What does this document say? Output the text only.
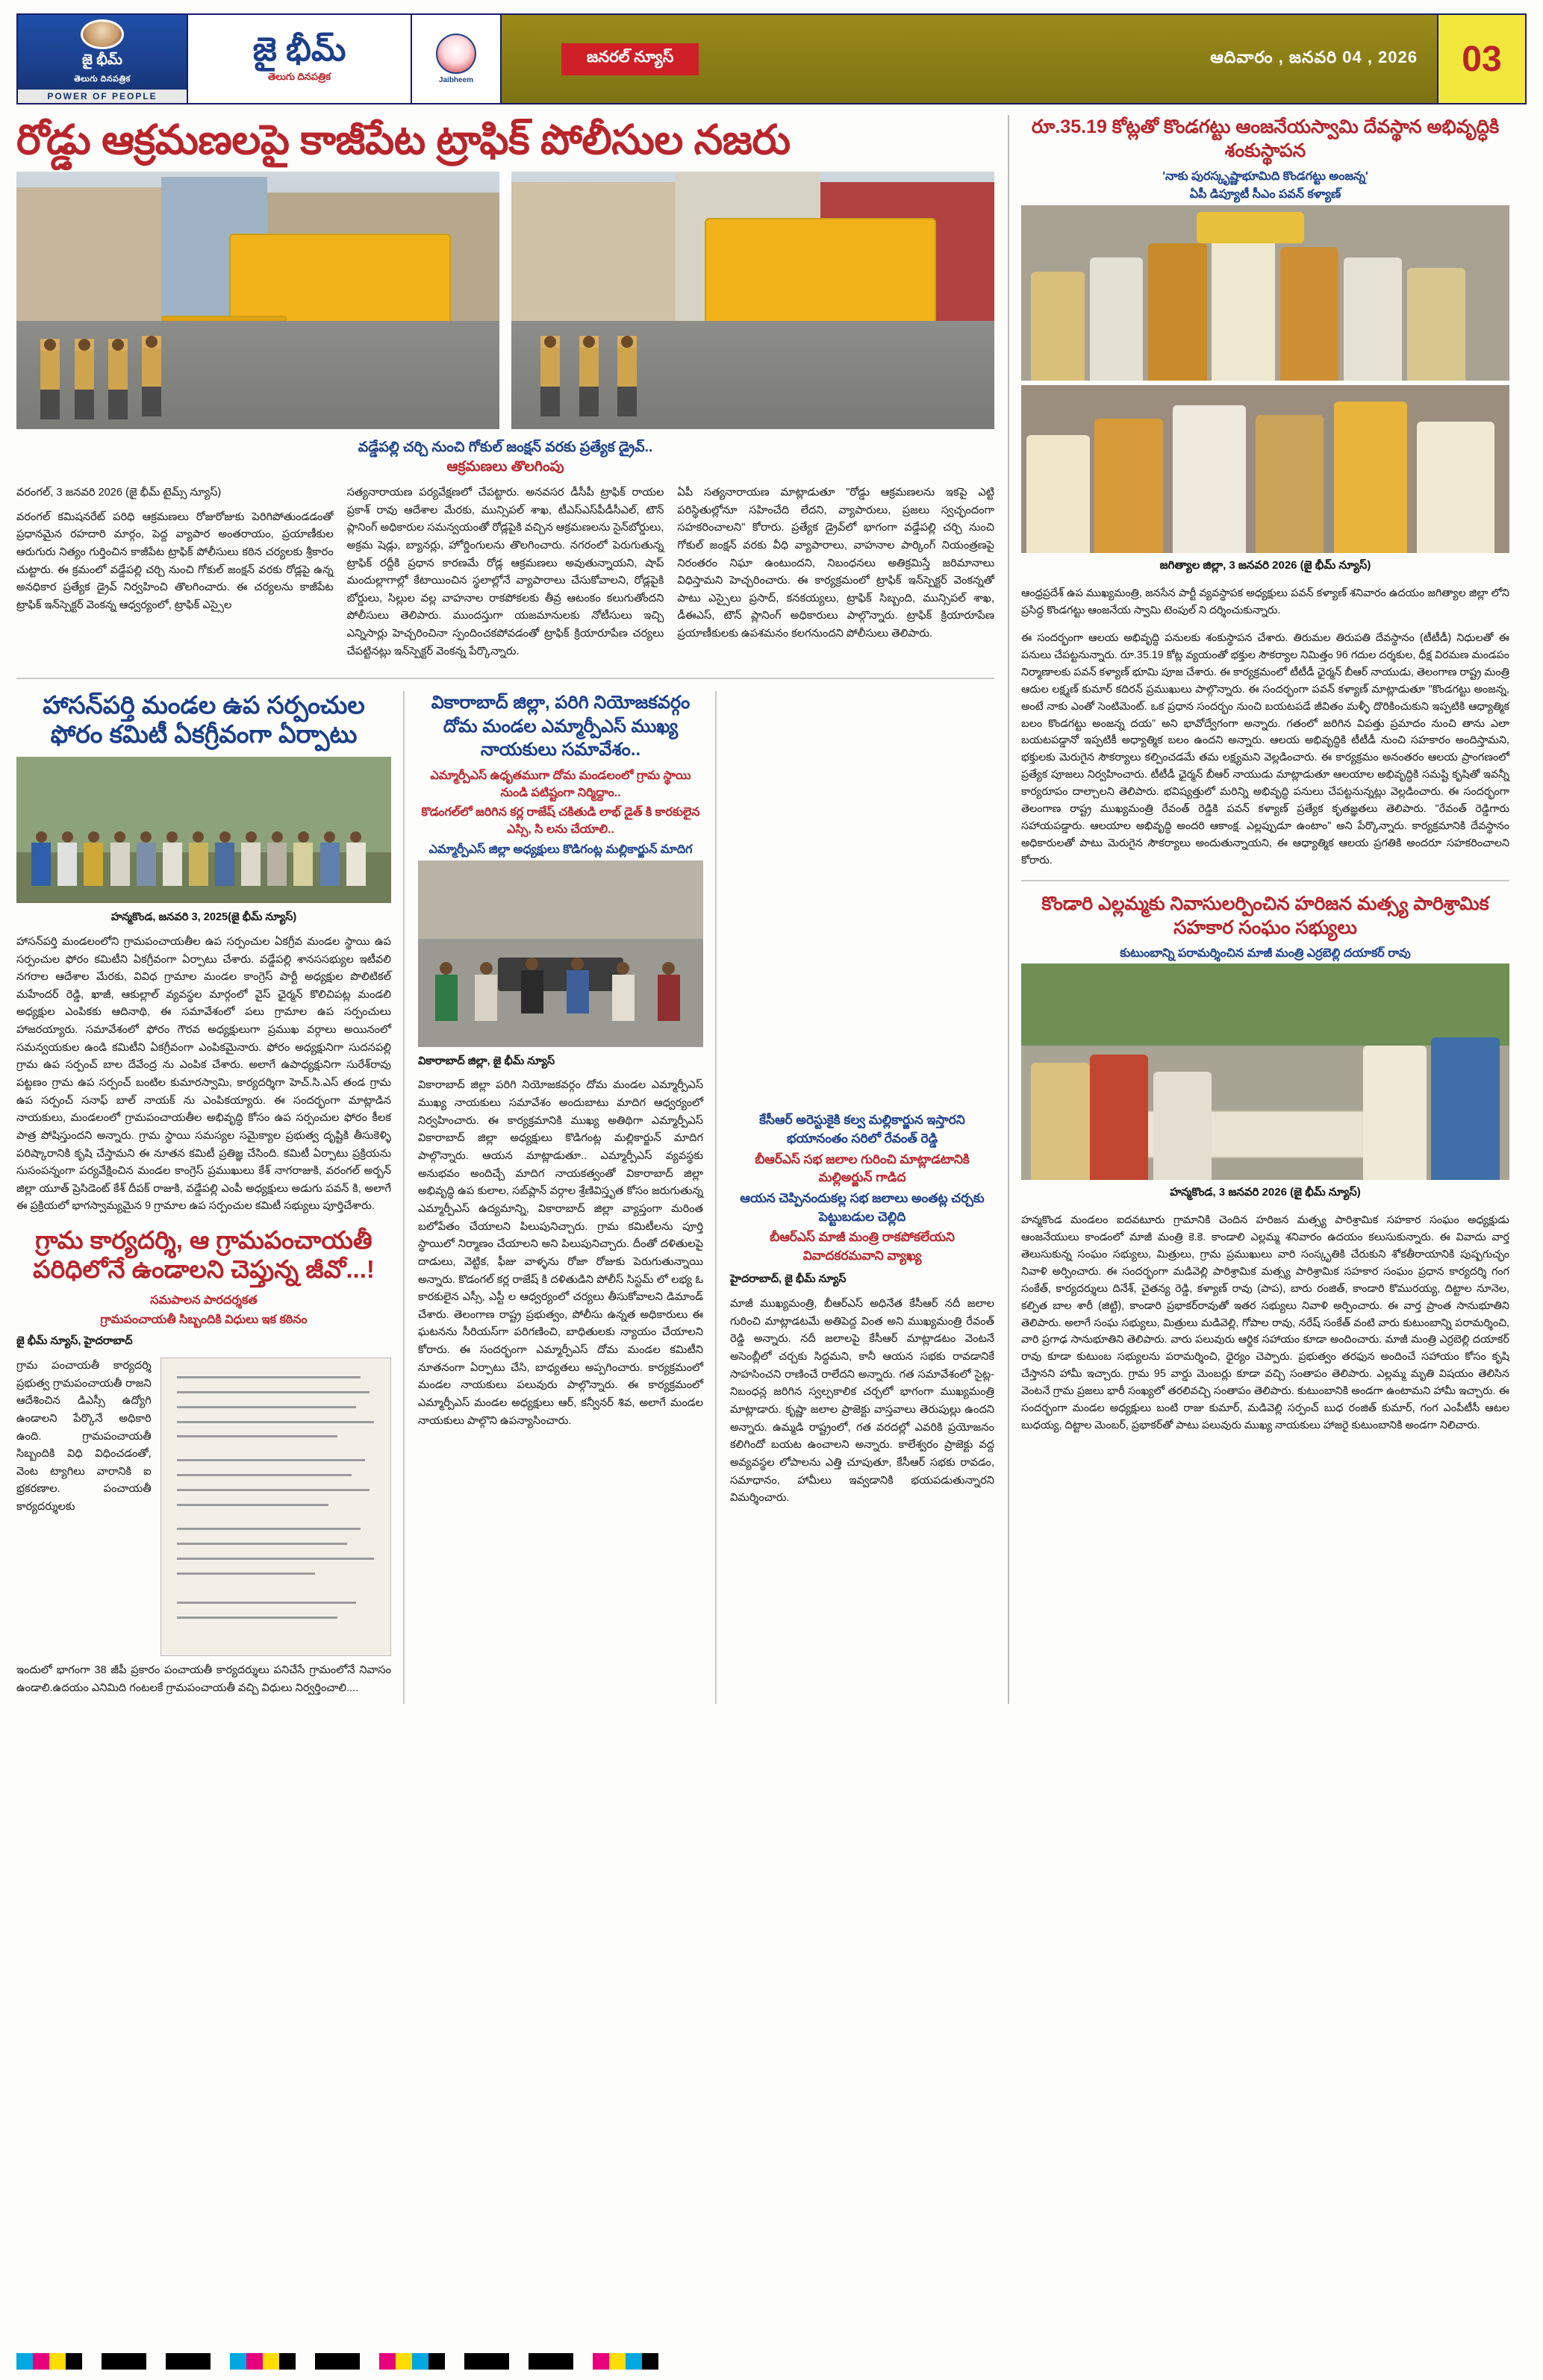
జై భీమ్
తెలుగు దినపత్రిక
POWER OF PEOPLE
జై భీమ్
తెలుగు దినపత్రిక	Jaibheem
జనరల్ న్యూస్	ఆదివారం , జనవరి 04 , 2026	03
రోడ్డు ఆక్రమణలపై కాజీపేట ట్రాఫిక్ పోలీసుల నజరు
వడ్డేపల్లి చర్చి నుంచి గోకుల్ జంక్షన్ వరకు ప్రత్యేక డ్రైవ్..
ఆక్రమణలు తొలగింపు

వరంగల్, 3 జనవరి 2026 (జై భీమ్ టైమ్స్ న్యూస్)

వరంగల్ కమిషనరేట్ పరిధి ఆక్రమణలు రోజురోజుకు పెరిగిపోతుండడంతో ప్రధానమైన రహదారి మార్గం, పెద్ద వ్యాపార అంతరాయం, ప్రయాణీకుల ఆరుగురు నిత్యం గుర్తించిన కాజీపేట ట్రాఫిక్ పోలీసులు కఠిన చర్యలకు శ్రీకారం చుట్టారు. ఈ క్రమంలో వడ్డేపల్లి చర్చి నుంచి గోకుల్ జంక్షన్ వరకు రోడ్లపై ఉన్న అనధికార ప్రత్యేక డ్రైవ్ నిర్వహించి తొలగించారు. ఈ చర్యలను కాజీపేట ట్రాఫిక్ ఇన్‌స్పెక్టర్ వెంకన్న ఆధ్వర్యంలో, ట్రాఫిక్ ఎస్సైల

సత్యనారాయణ పర్యవేక్షణలో చేపట్టారు. అనవసర డీసీపీ ట్రాఫిక్ రాయల ప్రకాశ్ రావు ఆదేశాల మేరకు, మున్సిపల్ శాఖ, టీఎస్‌ఎస్‌పీడీసీఎల్, టౌన్ ప్లానింగ్ అధికారుల సమన్వయంతో రోడ్లపైకి వచ్చిన ఆక్రమణలను సైన్‌బోర్డులు, అక్రమ షెడ్లు, బ్యానర్లు, హోర్డింగులను తొలగించారు. నగరంలో పెరుగుతున్న ట్రాఫిక్ రద్దీకి ప్రధాన కారణమే రోడ్ల ఆక్రమణలు అవుతున్నాయని, షాప్ మందుల్లాగాల్లో కేటాయించిన స్థలాల్లోనే వ్యాపారాలు చేసుకోవాలని, రోడ్లపైకి బోర్డులు, సిల్లుల వల్ల వాహనాల రాకపోకలకు తీవ్ర ఆటంకం కలుగుతోందని పోలీసులు తెలిపారు. ముందస్తుగా యజమానులకు నోటీసులు ఇచ్చి ఎన్నిసార్లు హెచ్చరించినా స్పందించకపోవడంతో ట్రాఫిక్ క్రియారూపేణ చర్యలు చేపట్టినట్లు ఇన్‌స్పెక్టర్ వెంకన్న పేర్కొన్నారు.

ఏపీ సత్యనారాయణ మాట్లాడుతూ "రోడ్డు ఆక్రమణలను ఇకపై ఎట్టి పరిస్థితుల్లోనూ సహించేది లేదని, వ్యాపారులు, ప్రజలు స్వచ్ఛందంగా సహకరించాలని" కోరారు. ప్రత్యేక డ్రైవ్‌లో భాగంగా వడ్డేపల్లి చర్చి నుంచి గోకుల్ జంక్షన్ వరకు వీధి వ్యాపారాలు, వాహనాల పార్కింగ్ నియంత్రణపై నిరంతరం నిఘా ఉంటుందని, నిబంధనలు అతిక్రమిస్తే జరిమానాలు విధిస్తామని హెచ్చరించారు. ఈ కార్యక్రమంలో ట్రాఫిక్ ఇన్‌స్పెక్టర్ వెంకన్నతో పాటు ఎస్సైలు ప్రసాద్, కనకయ్యలు, ట్రాఫిక్ సిబ్బంది, మున్సిపల్ శాఖ, డీఈఎస్, టౌన్ ప్లానింగ్ అధికారులు పాల్గొన్నారు. ట్రాఫిక్ క్రియారూపేణ ప్రయాణీకులకు ఉపశమనం కలగనుందని పోలీసులు తెలిపారు.

హాసన్‌పర్తి మండల ఉప సర్పంచుల ఫోరం కమిటీ ఏకగ్రీవంగా ఏర్పాటు

హన్మకొండ, జనవరి 3, 2025(జై భీమ్ న్యూస్)

హాసన్‌పర్తి మండలంలోని గ్రామపంచాయతీల ఉప సర్పంచుల ఏకగ్రీవ మండల స్థాయి ఉప సర్పంచుల ఫోరం కమిటీని ఏకగ్రీవంగా ఏర్పాటు చేశారు. వడ్డేపల్లి శానససభ్యుల ఇటీవలి నగరాల ఆదేశాల మేరకు, వివిధ గ్రామాల మండల కాంగ్రెస్ పార్టీ అధ్యక్షుల పొలిటికల్ మహేందర్ రెడ్డి, ఖాజీ, ఆకుల్లాల్ వ్యవస్థల మార్గంలో వైస్ ఛైర్మన్ కొలిచిపట్ల మండలి అధ్యక్షుల ఎంపికకు ఆదినాథి, ఈ సమావేశంలో పలు గ్రామాల ఉప సర్పంచులు హాజరయ్యారు. సమావేశంలో ఫోరం గౌరవ అధ్యక్షులుగా ప్రముఖ వర్గాలు అయినంలో సమన్వయకుల ఉండి కమిటీని ఏకగ్రీవంగా ఎంపికమైనారు. ఫోరం అధ్యక్షునిగా సుదనపల్లి గ్రామ ఉప సర్పంచ్ బాల దేవేంద్ర ను ఎంపిక చేశారు. అలాగే ఉపాధ్యక్షునిగా సురేశ్‌రావు పట్టణం గ్రామ ఉప సర్పంచ్ బంటిల కుమారస్వామి, కార్యదర్శిగా హెచ్.సి.ఎస్ తండ గ్రామ ఉప సర్పంచ్ సనాఫ్ బాల్ నాయక్ ను ఎంపికయ్యారు. ఈ సందర్భంగా మాట్లాడిన నాయకులు, మండలంలో గ్రామపంచాయతీల అభివృద్ధి కోసం ఉప సర్పంచుల ఫోరం కీలక పాత్ర పోషిస్తుందని అన్నారు. గ్రామ స్థాయి సమస్యల సమైక్యాల ప్రభుత్వ దృష్టికి తీసుకెళ్ళి పరిష్కారానికి కృషి చేస్తామని ఈ నూతన కమిటీ ప్రతిజ్ఞ చేసింది. కమిటీ ఏర్పాటు ప్రక్రియను సుసంపన్నంగా పర్యవేక్షించిన మండల కాంగ్రెస్ ప్రముఖులు కేశ్ నాగరాజుకి, వరంగల్ అర్బన్ జిల్లా యూత్ ప్రెసిడెంట్ కేశ్ దీపక్ రాజుకి, వడ్డేపల్లి ఎంపీ అధ్యక్షులు అడుగు పవన్ కి, అలాగే ఈ ప్రక్రియలో భాగస్వామ్యమైన 9 గ్రామాల ఉప సర్పంచుల కమిటీ సభ్యులు పూర్తిచేశారు.

గ్రామ కార్యదర్శి, ఆ గ్రామపంచాయతీ పరిధిలోనే ఉండాలని చెప్తున్న జీవో...!
సమపాలన పారదర్శకత
గ్రామపంచాయతీ సిబ్బందికి విధులు ఇక కఠినం

జై భీమ్ న్యూస్, హైదరాబాద్

గ్రామ పంచాయతీ కార్యదర్శి ప్రభుత్వ గ్రామపంచాయతీ రాజని ఆదేశించిన డిఎస్సీ ఉద్యోగి ఉండాలని పేర్కొనే అధికారి ఉంది. గ్రామపంచాయతీ సిబ్బందికి విధి విధించడంతో, వెంట ట్యాగిలు వారానికి ఐ భ్రకరణాల. పంచాయతీ కార్యదర్శులకు

ఇందులో భాగంగా 38 జీపీ ప్రకారం పంచాయతీ కార్యదర్శులు పనిచేసే గ్రామంలోనే నివాసం ఉండాలి.ఉదయం ఎనిమిది గంటలకే గ్రామపంచాయతీ వచ్చి విధులు నిర్వర్తించాలి....

వికారాబాద్ జిల్లా, పరిగి నియోజకవర్గం దోమ మండల ఎమ్మార్పీఎస్ ముఖ్య నాయకులు సమావేశం..
ఎమ్మార్పీఎస్ ఉధృతముగా దోమ మండలంలో గ్రామ స్థాయి నుండి పటిష్టంగా నిర్మిద్దాం..
కొడంగల్‌లో జరిగిన కర్ల రాజేష్ చకితుడి లాభ్ డైత్ కి కారకులైన ఎస్సి, సి లను చేయాలి..
ఎమ్మార్పీఎస్ జిల్లా అధ్యక్షులు కొడిగంట్ల మల్లికార్జున్ మాదిగ

వికారాబాద్ జిల్లా, జై భీమ్ న్యూస్

వికారాబాద్ జిల్లా పరిగి నియోజకవర్గం దోమ మండల ఎమ్మార్పీఎస్ ముఖ్య నాయకులు సమావేశం అందుబాటు మాదిగ ఆధ్వర్యంలో నిర్వహించారు. ఈ కార్యక్రమానికి ముఖ్య అతిథిగా ఎమ్మార్పీఎస్ వికారాబాద్ జిల్లా అధ్యక్షులు కొడిగంట్ల మల్లికార్జున్ మాదిగ పాల్గొన్నారు. ఆయన మాట్లాడుతూ.. ఎమ్మార్పీఎస్ వ్యవస్థకు అనుభవం అందిచ్చే మాదిగ నాయకత్వంతో వికారాబాద్ జిల్లా అభివృద్ధి ఉప కులాల, సబ్‌ప్లాన్ వర్గాల శ్రేణివిస్తృత కోసం జరుగుతున్న ఎమ్మార్పీఎస్ ఉద్యమాన్ని, వికారాబాద్ జిల్లా వ్యాప్తంగా మరింత బలోపేతం చేయాలని పిలుపునిచ్చారు. గ్రామ కమిటీలను పూర్తి స్థాయిలో నిర్మాణం చేయాలని అని పిలుపునిచ్చారు. దీంతో దళితులపై దాడులు, వెట్టిక, ఫీజు వాళ్ళను రోజా రోజుకు పెరుగుతున్నాయి అన్నారు. కొడంగల్ కర్ల రాజేష్ కి దళితుడిని పోలీస్ సిస్టమ్ లో లభ్య ఓ కారకులైన ఎస్సీ, ఎస్టీ ల ఆధ్వర్యంలో చర్యలు తీసుకోవాలని డిమాండ్ చేశారు. తెలంగాణ రాష్ట్ర ప్రభుత్వం, పోలీసు ఉన్నత అధికారులు ఈ ఘటనను సీరియస్‌గా పరిగణించి, బాధితులకు న్యాయం చేయాలని కోరారు. ఈ సందర్భంగా ఎమ్మార్పీఎస్ దోమ మండల కమిటీని నూతనంగా ఏర్పాటు చేసి, బాధ్యతలు అప్పగించారు. కార్యక్రమంలో మండల నాయకులు పలువురు పాల్గొన్నారు. ఈ కార్యక్రమంలో ఎమ్మార్పీఎస్ మండల అధ్యక్షులు ఆర్, కన్వీనర్ శివ, అలాగే మండల నాయకులు పాల్గొని ఉపన్యాసించారు.

కేసీఆర్ అరెస్టుకైకి కల్వ మల్లికార్జున ఇస్తారని భయానంతం సరిలో రేవంత్ రెడ్డి
బీఆర్ఎస్ సభ జలాల గురించి మాట్లాడటానికి మల్లిఅర్జున్ గాడిద
ఆయన చెప్పినందుకల్ల సభ జలాలు అంతట్ల చర్చకు పెట్టుబడుల చెల్లిది
బీఆర్ఎస్ మాజీ మంత్రి రాకపోకలేయని వివాదకరమవాని వ్యాఖ్య

హైదరాబాద్, జై భీమ్ న్యూస్

మాజీ ముఖ్యమంత్రి, బీఆర్ఎస్ అధినేత కేసీఆర్ నదీ జలాల గురించి మాట్లాడటమే అతిపెద్ద వింత అని ముఖ్యమంత్రి రేవంత్ రెడ్డి అన్నారు. నదీ జలాలపై కేసీఆర్ మాట్లాడటం వెంటనే అసెంబ్లీలో చర్చకు సిద్ధమని, కానీ ఆయన సభకు రావడానికే సాహసించని రాణించే రాలేదని అన్నారు. గత సమావేశంలో సైట్ల-నిబంధన్ల జరిగిన స్వల్పకాలిక చర్చలో భాగంగా ముఖ్యమంత్రి మాట్లాడారు. కృష్ణా జలాల ప్రాజెక్టు వాస్తవాలు తెరుపుల్లు ఉందని అన్నారు. ఉమ్మడి రాష్ట్రంలో, గత వరదల్లో ఎవరికి ప్రయోజనం కలిగిందో బయట ఉంచాలని అన్నారు. కాలేశ్వరం ప్రాజెక్టు వద్ద అవ్యవస్థల లోపాలను ఎత్తి చూపుతూ, కేసీఆర్ సభకు రావడం, సమాధానం, హామీలు ఇవ్వడానికి భయపడుతున్నారని విమర్శించారు.

రూ.35.19 కోట్లతో కొండగట్టు ఆంజనేయస్వామి దేవస్థాన అభివృద్ధికి శంకుస్థాపన
'నాకు పురస్కృష్ణాభూమిది కొండగట్టు అంజన్న'
ఏపీ డిప్యూటీ సీఎం పవన్ కళ్యాణ్
జగిత్యాల జిల్లా, 3 జనవరి 2026 (జై భీమ్ న్యూస్)

ఆంధ్రప్రదేశ్ ఉప ముఖ్యమంత్రి, జనసేన పార్టీ వ్యవస్థాపక అధ్యక్షులు పవన్ కళ్యాణ్ శనివారం ఉదయం జగిత్యాల జిల్లా లోని ప్రసిద్ధ కొండగట్టు ఆంజనేయ స్వామి టెంపుల్ ని దర్శించుకున్నారు.

ఈ సందర్భంగా ఆలయ అభివృద్ధి పనులకు శంకుస్థాపన చేశారు. తిరుమల తిరుపతి దేవస్థానం (టీటీడీ) నిధులతో ఈ పనులు చేపట్టనున్నారు. రూ.35.19 కోట్ల వ్యయంతో భక్తుల సౌకర్యాల నిమిత్తం 96 గదుల దర్శకుల, ధీక్ష విరమణ మండపం నిర్మాణాలకు పవన్ కళ్యాణ్ భూమి పూజ చేశారు. ఈ కార్యక్రమంలో టీటీడీ ఛైర్మన్ బీఆర్ నాయుడు, తెలంగాణ రాష్ట్ర మంత్రి ఆదుల లక్ష్మణ్ కుమార్ కదిరన్ ప్రముఖులు పాల్గొన్నారు. ఈ సందర్భంగా పవన్ కళ్యాణ్ మాట్లాడుతూ "కొండగట్టు అంజన్న, అంటే నాకు ఎంతో సెంటిమెంట్. ఒక ప్రధాన సందర్భం నుంచి బయటపడే జీవితం మళ్ళీ దొరికించుకుని ఇప్పటికి ఆధ్యాత్మిక బలం కొండగట్టు అంజన్న దయ" అని భావోద్వేగంగా అన్నారు. గతంలో జరిగిన విపత్తు ప్రమాదం నుంచి తాను ఎలా బయటపడ్డానో ఇప్పటికీ అధ్యాత్మిక బలం ఉందని అన్నారు. ఆలయ అభివృద్ధికి టీటీడీ నుంచి సహకారం అందిస్తామని, భక్తులకు మెరుగైన సౌకర్యాలు కల్పించడమే తమ లక్ష్యమని వెల్లడించారు. ఈ కార్యక్రమం అనంతరం ఆలయ ప్రాంగణంలో ప్రత్యేక పూజలు నిర్వహించారు. టీటీడీ ఛైర్మన్ బీఆర్ నాయుడు మాట్లాడుతూ ఆలయాల అభివృద్ధికి సమష్టి కృషితో ఇవన్నీ కార్యరూపం దాల్చాలని తెలిపారు. భవిష్యత్తులో మరిన్ని అభివృద్ధి పనులు చేపట్టనున్నట్లు వెల్లడించారు. ఈ సందర్భంగా తెలంగాణ రాష్ట్ర ముఖ్యమంత్రి రేవంత్ రెడ్డికి పవన్ కళ్యాణ్ ప్రత్యేక కృతజ్ఞతలు తెలిపారు. "రేవంత్ రెడ్డిగారు సహాయపడ్డారు. ఆలయాల అభివృద్ధి అందరి ఆకాంక్ష. ఎల్లప్పుడూ ఉంటాం" అని పేర్కొన్నారు. కార్యక్రమానికి దేవస్థానం అధికారులతో పాటు మెరుగైన సౌకర్యాలు అందుతున్నాయని, ఈ ఆధ్యాత్మిక ఆలయ ప్రగతికి అందరూ సహకరించాలని కోరారు.

కొండారి ఎల్లమ్మకు నివాసులర్పించిన హరిజన మత్స్య పారిశ్రామిక సహకార సంఘం సభ్యులు
కుటుంబాన్ని పరామర్శించిన మాజీ మంత్రి ఎర్రబెల్లి దయాకర్ రావు
హన్మకొండ, 3 జనవరి 2026 (జై భీమ్ న్యూస్)

హన్మకొండ మండలం ఐదవటూరు గ్రామానికి చెందిన హరిజన మత్స్య పారిశ్రామిక సహకార సంఘం అధ్యక్షుడు ఆంజనేయులు కాండంలో మాజీ మంత్రి కె.కె. కాండాలి ఎల్లమ్మ శనివారం ఉదయం కలుసుకున్నారు. ఈ వివాదు వార్త తెలుసుకున్న సంఘం సభ్యులు, మిత్రులు, గ్రామ ప్రముఖులు వారి సంస్కృతికి చేరుకుని శోకతీరాయానికి పుష్పగుచ్ఛం నివాళి అర్పించారు. ఈ సందర్భంగా మడివెల్లి పారిశ్రామిక మత్స్య పారిశ్రామిక సహకార సంఘం ప్రధాన కార్యదర్శి గంగ సంకేత్, కార్యదర్శులు దినేశ్, చైతన్య రెడ్డి, కళ్యాణ్ రావు (పాప), బారు రంజిత్, కాండారి కొమురయ్య, దిట్టాల నూనెల, కల్పిత బాల శారీ (జిట్టి), కాండారి ప్రభాకర్‌రావుతో ఇతర సభ్యులు నివాళి అర్పించారు. ఈ వార్త ప్రాంత సానుభూతిని తెలిపారు. అలాగే సంఘ సభ్యులు, మిత్రులు మడివెల్లి, గోపాల రావు, నరేష్ సంకేత్ వంటి వారు కుటుంబాన్ని పరామర్శించి, వారి ప్రగాఢ సానుభూతిని తెలిపారు. వారు పలువురు ఆర్థిక సహాయం కూడా అందించారు. మాజీ మంత్రి ఎర్రబెల్లి దయాకర్ రావు కూడా కుటుంబ సభ్యులను పరామర్శించి, ధైర్యం చెప్పారు. ప్రభుత్వం తరఫున అందించే సహాయం కోసం కృషి చేస్తానని హామీ ఇచ్చారు. గ్రామ 95 వార్డు మెంబర్లు కూడా వచ్చి సంతాపం తెలిపారు. ఎల్లమ్మ మృతి విషయం తెలిసిన వెంటనే గ్రామ ప్రజలు భారీ సంఖ్యలో తరలివచ్చి సంతాపం తెలిపారు. కుటుంబానికి అండగా ఉంటామని హామీ ఇచ్చారు. ఈ సందర్భంగా మండల అధ్యక్షులు బంటి రాజు కుమార్, మడివెల్లి సర్పంచ్ బుధ రంజిత్ కుమార్, గంగ ఎంపీటీసీ ఆటల బుధయ్య, దిట్టాల మెంబర్, ప్రభాకర్‌తో పాటు పలువురు ముఖ్య నాయకులు హాజరై కుటుంబానికి అండగా నిలిచారు.
